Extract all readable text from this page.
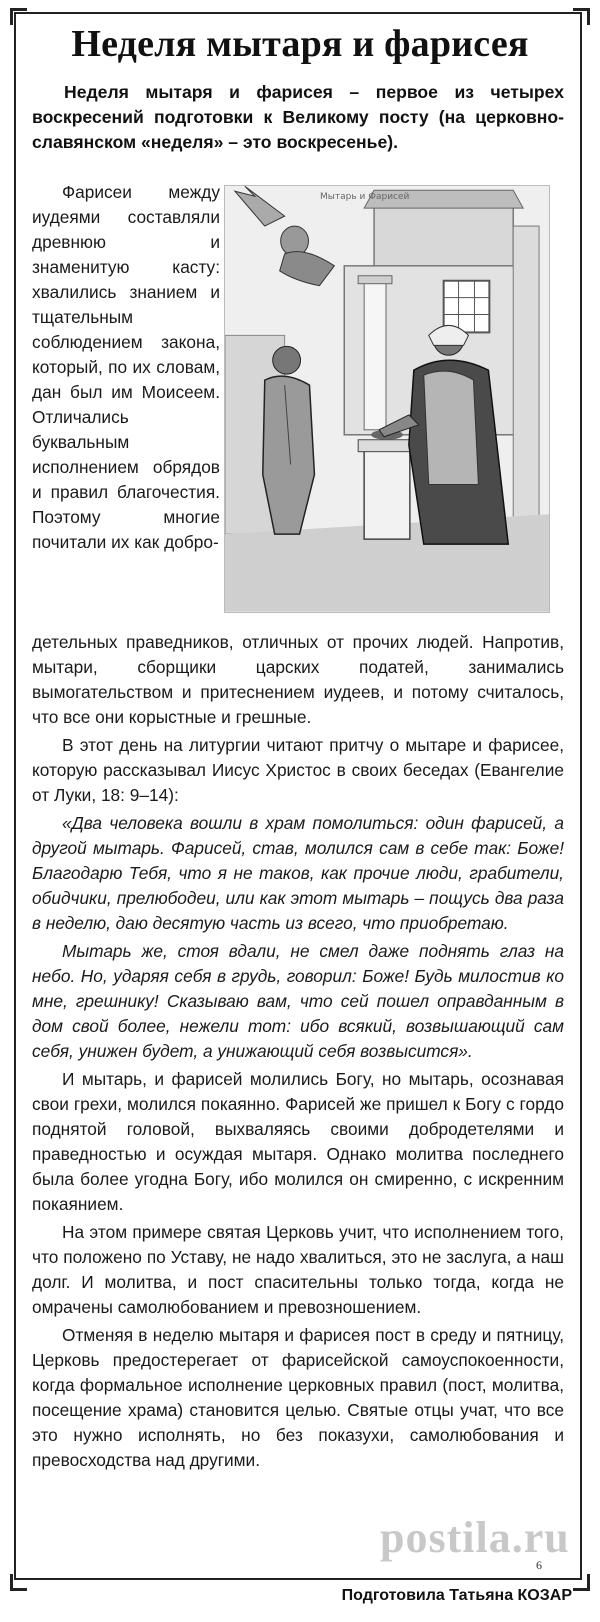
Неделя мытаря и фарисея

Неделя мытаря и фарисея – первое из четырех воскресений подготовки к Великому посту (на церковно-славянском «неделя» – это воскресенье).

Фарисеи между иудеями составляли древнюю и знаменитую касту: хвалились знанием и тщательным соблюдением закона, который, по их словам, дан был им Моисеем. Отличались буквальным исполнением обрядов и правил благочестия. Поэтому многие почитали их как добро-

Мытарь и Фарисей

детельных праведников, отличных от прочих людей. Напротив, мытари, сборщики царских податей, занимались вымогательством и притеснением иудеев, и потому считалось, что все они корыстные и грешные.

В этот день на литургии читают притчу о мытаре и фарисее, которую рассказывал Иисус Христос в своих беседах (Евангелие от Луки, 18: 9–14):

«Два человека вошли в храм помолиться: один фарисей, а другой мытарь. Фарисей, став, молился сам в себе так: Боже! Благодарю Тебя, что я не таков, как прочие люди, грабители, обидчики, прелюбодеи, или как этот мытарь – пощусь два раза в неделю, даю десятую часть из всего, что приобретаю.

Мытарь же, стоя вдали, не смел даже поднять глаз на небо. Но, ударяя себя в грудь, говорил: Боже! Будь милостив ко мне, грешнику! Сказываю вам, что сей пошел оправданным в дом свой более, нежели тот: ибо всякий, возвышающий сам себя, унижен будет, а унижающий себя возвысится».

И мытарь, и фарисей молились Богу, но мытарь, осознавая свои грехи, молился покаянно. Фарисей же пришел к Богу с гордо поднятой головой, выхваляясь своими добродетелями и праведностью и осуждая мытаря. Однако молитва последнего была более угодна Богу, ибо молился он смиренно, с искренним покаянием.

На этом примере святая Церковь учит, что исполнением того, что положено по Уставу, не надо хвалиться, это не заслуга, а наш долг. И молитва, и пост спасительны только тогда, когда не омрачены самолюбованием и превозношением.

Отменяя в неделю мытаря и фарисея пост в среду и пятницу, Церковь предостерегает от фарисейской самоуспокоенности, когда формальное исполнение церковных правил (пост, молитва, посещение храма) становится целью. Святые отцы учат, что все это нужно исполнять, но без показухи, самолюбования и превосходства над другими.

postila.ru
6
Подготовила Татьяна КОЗАР
